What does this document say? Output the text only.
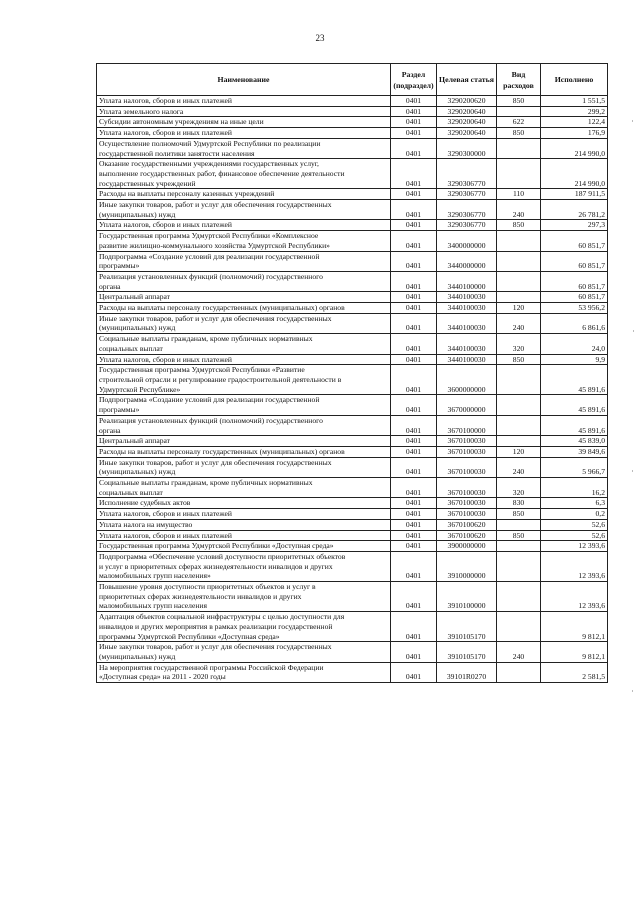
23
Наименование	Раздел (подраздел)	Целевая статья	Вид расходов	Исполнено
Уплата налогов, сборов и иных платежей	0401	3290200620	850	1 551,5
Уплата земельного налога	0401	3290200640		299,2
Субсидии автономным учреждениям на иные цели	0401	3290200640	622	122,4
Уплата налогов, сборов и иных платежей	0401	3290200640	850	176,9
Осуществление полномочий Удмуртской Республики по реализации
государственной политики занятости населения	0401	3290300000		214 990,0
Оказание государственными учреждениями государственных услуг,
выполнение государственных работ, финансовое обеспечение деятельности
государственных учреждений	0401	3290306770		214 990,0
Расходы на выплаты персоналу казенных учреждений	0401	3290306770	110	187 911,5
Иные закупки товаров, работ и услуг для обеспечения государственных
(муниципальных) нужд	0401	3290306770	240	26 781,2
Уплата налогов, сборов и иных платежей	0401	3290306770	850	297,3
Государственная программа Удмуртской Республики «Комплексное
развитие жилищно-коммунального хозяйства Удмуртской Республики»	0401	3400000000		60 851,7
Подпрограмма «Создание условий для реализации государственной
программы»	0401	3440000000		60 851,7
Реализация установленных функций (полномочий) государственного
органа	0401	3440100000		60 851,7
Центральный аппарат	0401	3440100030		60 851,7
Расходы на выплаты персоналу государственных (муниципальных) органов	0401	3440100030	120	53 956,2
Иные закупки товаров, работ и услуг для обеспечения государственных
(муниципальных) нужд	0401	3440100030	240	6 861,6
Социальные выплаты гражданам, кроме публичных нормативных
социальных выплат	0401	3440100030	320	24,0
Уплата налогов, сборов и иных платежей	0401	3440100030	850	9,9
Государственная программа Удмуртской Республики «Развитие
строительной отрасли и регулирование градостроительной деятельности в
Удмуртской Республике»	0401	3600000000		45 891,6
Подпрограмма «Создание условий для реализации государственной
программы»	0401	3670000000		45 891,6
Реализация установленных функций (полномочий) государственного
органа	0401	3670100000		45 891,6
Центральный аппарат	0401	3670100030		45 839,0
Расходы на выплаты персоналу государственных (муниципальных) органов	0401	3670100030	120	39 849,6
Иные закупки товаров, работ и услуг для обеспечения государственных
(муниципальных) нужд	0401	3670100030	240	5 966,7
Социальные выплаты гражданам, кроме публичных нормативных
социальных выплат	0401	3670100030	320	16,2
Исполнение судебных актов	0401	3670100030	830	6,3
Уплата налогов, сборов и иных платежей	0401	3670100030	850	0,2
Уплата налога на имущество	0401	3670100620		52,6
Уплата налогов, сборов и иных платежей	0401	3670100620	850	52,6
Государственная программа Удмуртской Республики «Доступная среда»	0401	3900000000		12 393,6
Подпрограмма «Обеспечение условий доступности приоритетных объектов
и услуг в приоритетных сферах жизнедеятельности инвалидов и других
маломобильных групп населения»	0401	3910000000		12 393,6
Повышение уровня доступности приоритетных объектов и услуг в
приоритетных сферах жизнедеятельности инвалидов и других
маломобильных групп населения	0401	3910100000		12 393,6
Адаптация объектов социальной инфраструктуры с целью доступности для
инвалидов и других мероприятия в рамках реализации государственной
программы Удмуртской Республики «Доступная среда»	0401	3910105170		9 812,1
Иные закупки товаров, работ и услуг для обеспечения государственных
(муниципальных) нужд	0401	3910105170	240	9 812,1
На мероприятия государственной программы Российской Федерации
«Доступная среда» на 2011 - 2020 годы	0401	39101R0270		2 581,5
